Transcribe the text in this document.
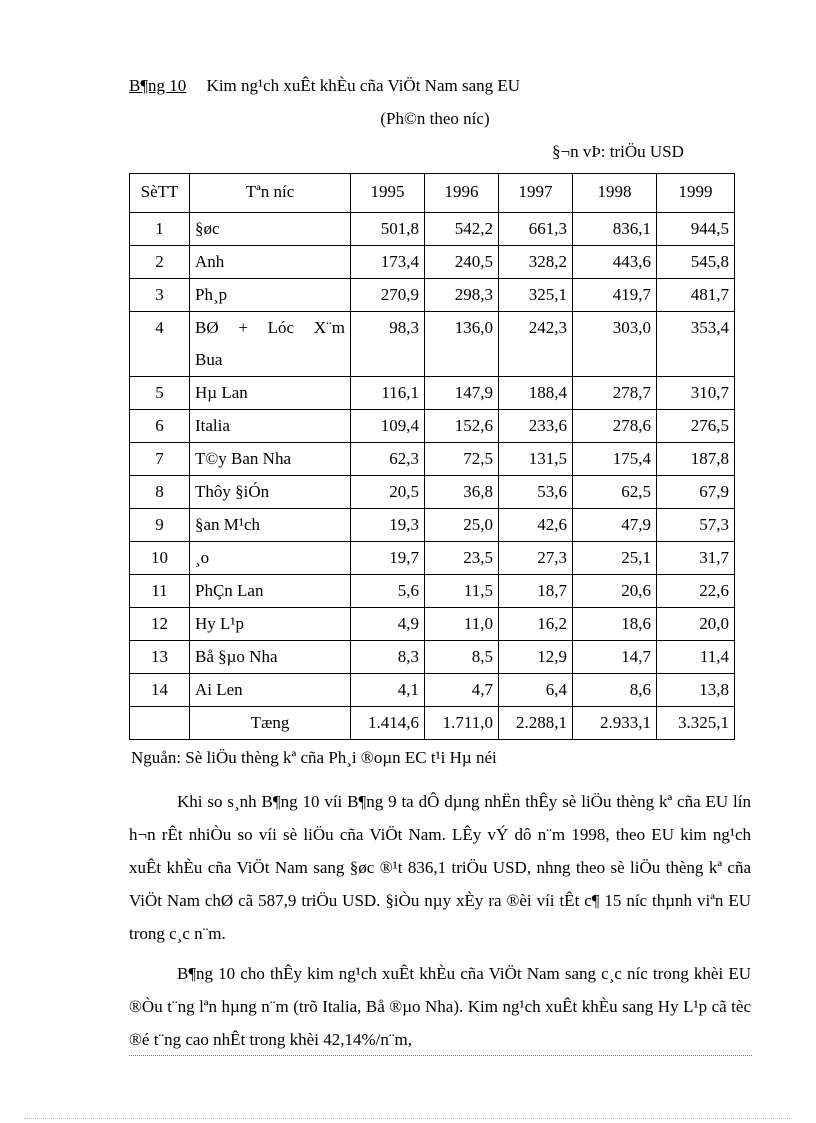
B¶ng 10 Kim ng¹ch xuÊt khÈu cña ViÖt Nam sang EU
(Ph©n theo níc)
§¬n vÞ: triÖu USD
SèTT	Tªn níc	1995	1996	1997	1998	1999
1	§øc	501,8	542,2	661,3	836,1	944,5
2	Anh	173,4	240,5	328,2	443,6	545,8
3	Ph¸p	270,9	298,3	325,1	419,7	481,7
4	BØ + Lóc X¨m
Bua	98,3	136,0	242,3	303,0	353,4
5	Hµ Lan	116,1	147,9	188,4	278,7	310,7
6	Italia	109,4	152,6	233,6	278,6	276,5
7	T©y Ban Nha	62,3	72,5	131,5	175,4	187,8
8	Thôy §iÓn	20,5	36,8	53,6	62,5	67,9
9	§an M¹ch	19,3	25,0	42,6	47,9	57,3
10	¸o	19,7	23,5	27,3	25,1	31,7
11	PhÇn Lan	5,6	11,5	18,7	20,6	22,6
12	Hy L¹p	4,9	11,0	16,2	18,6	20,0
13	Bå §µo Nha	8,3	8,5	12,9	14,7	11,4
14	Ai Len	4,1	4,7	6,4	8,6	13,8
	Tæng	1.414,6	1.711,0	2.288,1	2.933,1	3.325,1
Nguån: Sè liÖu thèng kª cña Ph¸i ®oµn EC t¹i Hµ néi

Khi so s¸nh B¶ng 10 víi B¶ng 9 ta dÔ dµng nhËn thÊy sè liÖu thèng kª cña EU lín h¬n rÊt nhiÒu so víi sè liÖu cña ViÖt Nam. LÊy vÝ dô n¨m 1998, theo EU kim ng¹ch xuÊt khÈu cña ViÖt Nam sang §øc ®¹t 836,1 triÖu USD, nhng theo sè liÖu thèng kª cña ViÖt Nam chØ cã 587,9 triÖu USD. §iÒu nµy xÈy ra ®èi víi tÊt c¶ 15 níc thµnh viªn EU trong c¸c n¨m.

B¶ng 10 cho thÊy kim ng¹ch xuÊt khÈu cña ViÖt Nam sang c¸c níc trong khèi EU ®Òu t¨ng lªn hµng n¨m (trõ Italia, Bå ®µo Nha). Kim ng¹ch xuÊt khÈu sang Hy L¹p cã tèc ®é t¨ng cao nhÊt trong khèi 42,14%/n¨m,
